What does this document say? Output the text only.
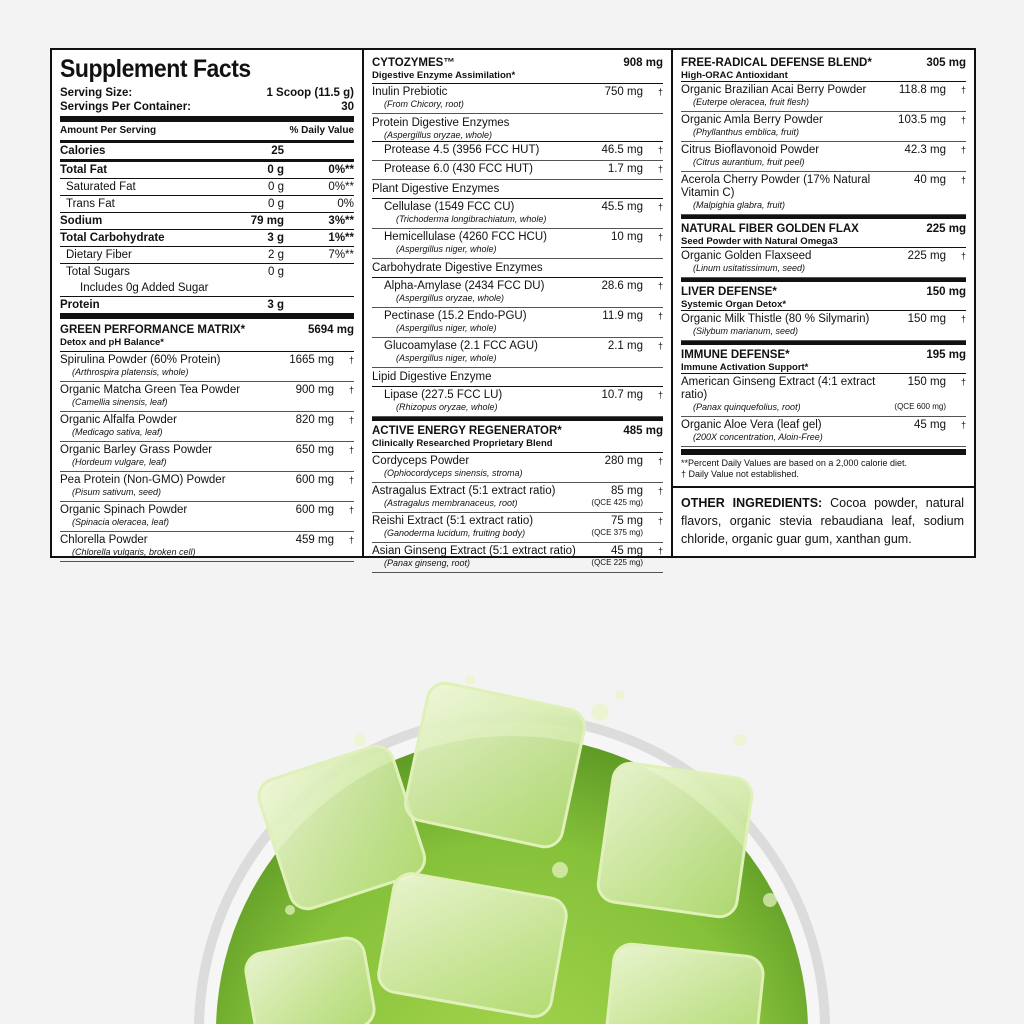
Supplement Facts
Serving Size:	1 Scoop (11.5 g)
Servings Per Container:	30
Amount Per Serving	% Daily Value
Calories	25
Total Fat	0 g	0%**
Saturated Fat	0 g	0%**
Trans Fat	0 g	0%
Sodium	79 mg	3%**
Total Carbohydrate	3 g	1%**
Dietary Fiber	2 g	7%**
Total Sugars	0 g
Includes 0g Added Sugar
Protein	3 g
GREEN PERFORMANCE MATRIX*	5694 mg
Detox and pH Balance*
Spirulina Powder (60% Protein)	1665 mg	†
(Arthrospira platensis, whole)
Organic Matcha Green Tea Powder	900 mg	†
(Camellia sinensis, leaf)
Organic Alfalfa Powder	820 mg	†
(Medicago sativa, leaf)
Organic Barley Grass Powder	650 mg	†
(Hordeum vulgare, leaf)
Pea Protein (Non-GMO) Powder	600 mg	†
(Pisum sativum, seed)
Organic Spinach Powder	600 mg	†
(Spinacia oleracea, leaf)
Chlorella Powder	459 mg	†
(Chlorella vulgaris, broken cell)
CYTOZYMES™	908 mg
Digestive Enzyme Assimilation*
Inulin Prebiotic	750 mg	†
(From Chicory, root)
Protein Digestive Enzymes
(Aspergillus oryzae, whole)
Protease 4.5 (3956 FCC HUT)	46.5 mg	†
Protease 6.0 (430 FCC HUT)	1.7 mg	†
Plant Digestive Enzymes
Cellulase (1549 FCC CU)	45.5 mg	†
(Trichoderma longibrachiatum, whole)
Hemicellulase (4260 FCC HCU)	10 mg	†
(Aspergillus niger, whole)
Carbohydrate Digestive Enzymes
Alpha-Amylase (2434 FCC DU)	28.6 mg	†
(Aspergillus oryzae, whole)
Pectinase (15.2 Endo-PGU)	11.9 mg	†
(Aspergillus niger, whole)
Glucoamylase (2.1 FCC AGU)	2.1 mg	†
(Aspergillus niger, whole)
Lipid Digestive Enzyme
Lipase (227.5 FCC LU)	10.7 mg	†
(Rhizopus oryzae, whole)
ACTIVE ENERGY REGENERATOR*	485 mg
Clinically Researched Proprietary Blend
Cordyceps Powder	280 mg	†
(Ophiocordyceps sinensis, stroma)
Astragalus Extract (5:1 extract ratio)	85 mg	†
(Astragalus membranaceus, root)	(QCE 425 mg)
Reishi Extract (5:1 extract ratio)	75 mg	†
(Ganoderma lucidum, fruiting body)	(QCE 375 mg)
Asian Ginseng Extract (5:1 extract ratio)	45 mg	†
(Panax ginseng, root)	(QCE 225 mg)
FREE-RADICAL DEFENSE BLEND*	305 mg
High-ORAC Antioxidant
Organic Brazilian Acai Berry Powder	118.8 mg	†
(Euterpe oleracea, fruit flesh)
Organic Amla Berry Powder	103.5 mg	†
(Phyllanthus emblica, fruit)
Citrus Bioflavonoid Powder	42.3 mg	†
(Citrus aurantium, fruit peel)
Acerola Cherry Powder (17% Natural Vitamin C)
40 mg	†
(Malpighia glabra, fruit)
NATURAL FIBER GOLDEN FLAX	225 mg
Seed Powder with Natural Omega3
Organic Golden Flaxseed	225 mg	†
(Linum usitatissimum, seed)
LIVER DEFENSE*	150 mg
Systemic Organ Detox*
Organic Milk Thistle (80 % Silymarin)	150 mg	†
(Silybum marianum, seed)
IMMUNE DEFENSE*	195 mg
Immune Activation Support*
American Ginseng Extract (4:1 extract ratio)
150 mg	†
(Panax quinquefolius, root)	(QCE 600 mg)
Organic Aloe Vera (leaf gel)	45 mg	†
(200X concentration, Aloin-Free)
**Percent Daily Values are based on a 2,000 calorie diet.
† Daily Value not established.
OTHER INGREDIENTS: Cocoa powder, natural flavors, organic stevia rebaudiana leaf, sodium chloride, organic guar gum, xanthan gum.
